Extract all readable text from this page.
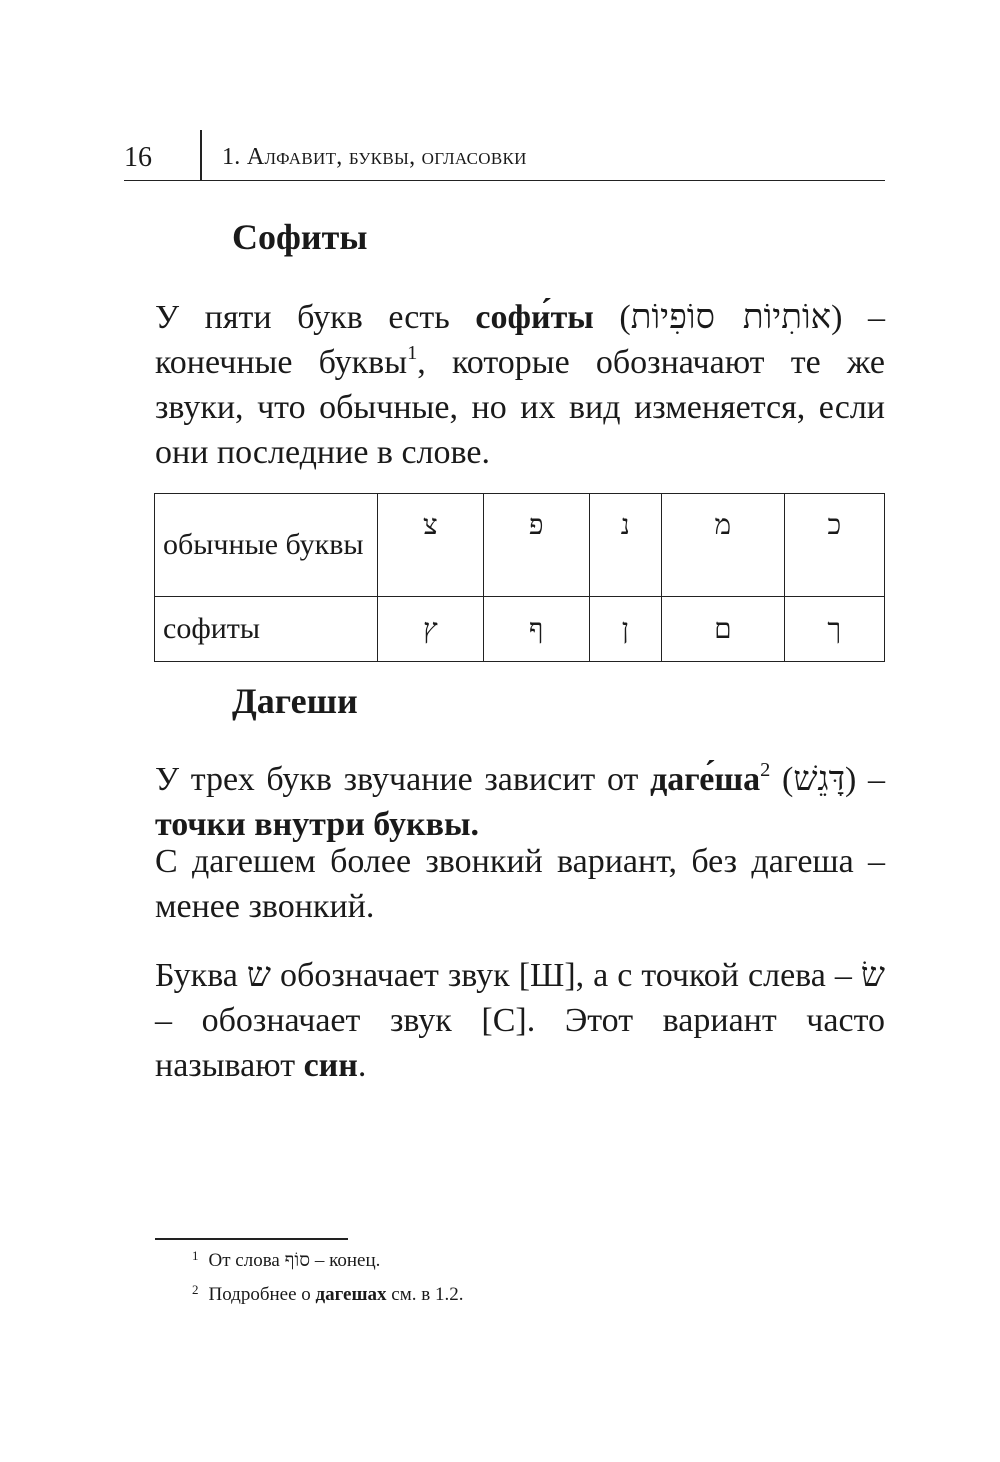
16	1. Алфавит, буквы, огласовки
Софиты

У пяти букв есть софи́ты (אוֹתִיוֹת סוֹפִיוֹת) – конечные буквы$^1$, которые обозначают те же звуки, что обычные, но их вид изменяется, если они последние в слове.

обычные буквы	צ	פ	נ	מ	כ
софиты	ץ	ף	ן	ם	ך
Дагеши

У трех букв звучание зависит от $даге́ша^2$ (דָּגֵשׁ) – точки внутри буквы.

С дагешем более звонкий вариант, без дагеша – менее звонкий.

Буква ש обозначает звук [Ш], а с точкой слева – שׂ – обозначает звук [С]. Этот вариант часто называют син.

$^1$ От слова סוֹף – конец.
$^2$ Подробнее о дагешах см. в 1.2.
